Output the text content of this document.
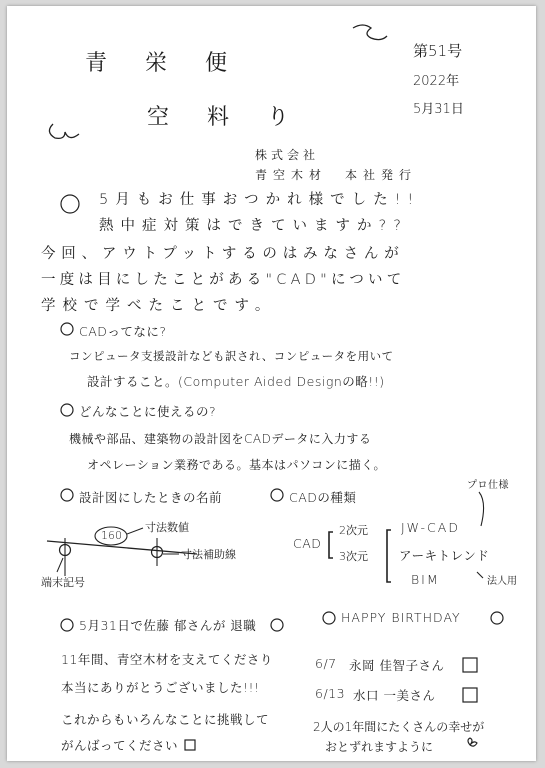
青 栄 便
空 料 り
第51号
2022年
5月31日
株式会社
青空木材　本社発行
5月もお仕事おつかれ様でした!!
熱中症対策はできていますか??
今回、アウトプットするのはみなさんが
一度は目にしたことがある"CAD"について
学校で学べたことです。
CADってなに?
コンピュータ支援設計なども訳され、コンピュータを用いて
設計すること。(Computer Aided Designの略!!)
どんなことに使えるの?
機械や部品、建築物の設計図をCADデータに入力する
オペレーション業務である。基本はパソコンに描く。
設計図にしたときの名前
160
寸法数値
寸法補助線
端末記号
CADの種類
プロ仕様
CAD
2次元
3次元
JW-CAD
アーキトレンド
BIM	法人用
5月31日で佐藤 郁さんが 退職
11年間、青空木材を支えてくださり
本当にありがとうございました!!!
これからもいろんなことに挑戦して
がんばってください
HAPPY BIRTHDAY
6/7 永岡 佳智子さん
6/13 水口 一美さん
2人の1年間にたくさんの幸せが
おとずれますように
